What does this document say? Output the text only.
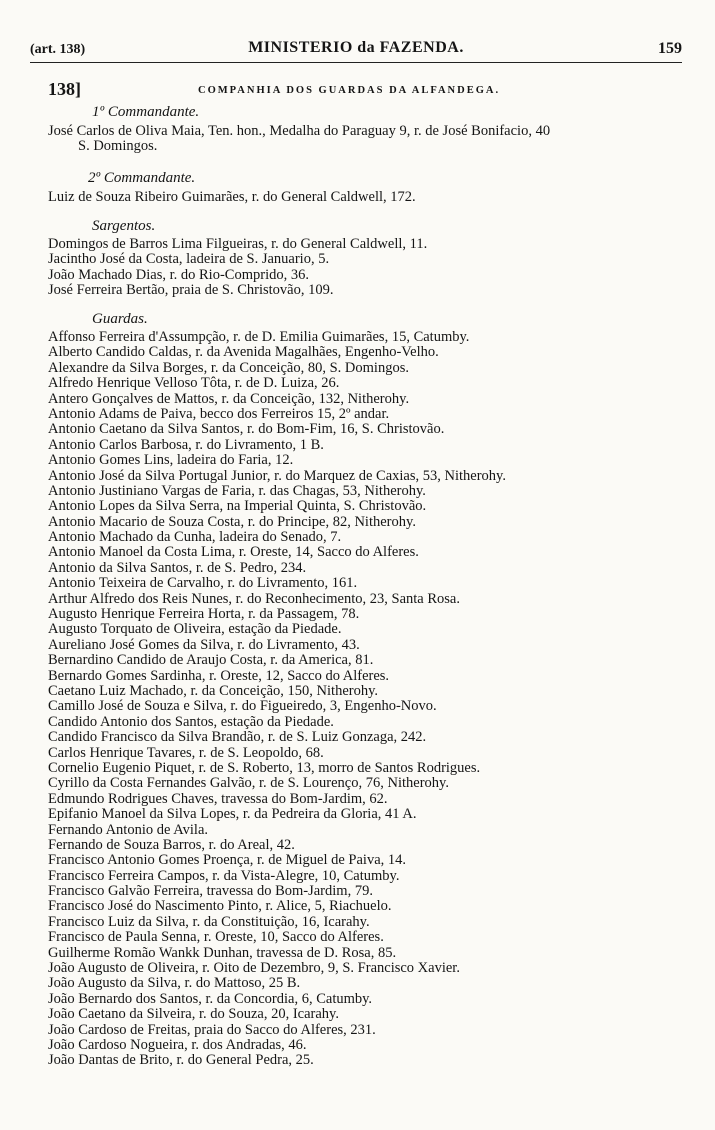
(art. 138)	MINISTERIO da FAZENDA.	159
138]	COMPANHIA DOS GUARDAS DA ALFANDEGA.
1º Commandante.
José Carlos de Oliva Maia, Ten. hon., Medalha do Paraguay 9, r. de José Bonifacio, 40
S. Domingos.
2º Commandante.
Luiz de Souza Ribeiro Guimarães, r. do General Caldwell, 172.
Sargentos.
Domingos de Barros Lima Filgueiras, r. do General Caldwell, 11.
Jacintho José da Costa, ladeira de S. Januario, 5.
João Machado Dias, r. do Rio-Comprido, 36.
José Ferreira Bertão, praia de S. Christovão, 109.
Guardas.
Affonso Ferreira d'Assumpção, r. de D. Emilia Guimarães, 15, Catumby.
Alberto Candido Caldas, r. da Avenida Magalhães, Engenho-Velho.
Alexandre da Silva Borges, r. da Conceição, 80, S. Domingos.
Alfredo Henrique Velloso Tôta, r. de D. Luiza, 26.
Antero Gonçalves de Mattos, r. da Conceição, 132, Nitherohy.
Antonio Adams de Paiva, becco dos Ferreiros 15, 2º andar.
Antonio Caetano da Silva Santos, r. do Bom-Fim, 16, S. Christovão.
Antonio Carlos Barbosa, r. do Livramento, 1 B.
Antonio Gomes Lins, ladeira do Faria, 12.
Antonio José da Silva Portugal Junior, r. do Marquez de Caxias, 53, Nitherohy.
Antonio Justiniano Vargas de Faria, r. das Chagas, 53, Nitherohy.
Antonio Lopes da Silva Serra, na Imperial Quinta, S. Christovão.
Antonio Macario de Souza Costa, r. do Principe, 82, Nitherohy.
Antonio Machado da Cunha, ladeira do Senado, 7.
Antonio Manoel da Costa Lima, r. Oreste, 14, Sacco do Alferes.
Antonio da Silva Santos, r. de S. Pedro, 234.
Antonio Teixeira de Carvalho, r. do Livramento, 161.
Arthur Alfredo dos Reis Nunes, r. do Reconhecimento, 23, Santa Rosa.
Augusto Henrique Ferreira Horta, r. da Passagem, 78.
Augusto Torquato de Oliveira, estação da Piedade.
Aureliano José Gomes da Silva, r. do Livramento, 43.
Bernardino Candido de Araujo Costa, r. da America, 81.
Bernardo Gomes Sardinha, r. Oreste, 12, Sacco do Alferes.
Caetano Luiz Machado, r. da Conceição, 150, Nitherohy.
Camillo José de Souza e Silva, r. do Figueiredo, 3, Engenho-Novo.
Candido Antonio dos Santos, estação da Piedade.
Candido Francisco da Silva Brandão, r. de S. Luiz Gonzaga, 242.
Carlos Henrique Tavares, r. de S. Leopoldo, 68.
Cornelio Eugenio Piquet, r. de S. Roberto, 13, morro de Santos Rodrigues.
Cyrillo da Costa Fernandes Galvão, r. de S. Lourenço, 76, Nitherohy.
Edmundo Rodrigues Chaves, travessa do Bom-Jardim, 62.
Epifanio Manoel da Silva Lopes, r. da Pedreira da Gloria, 41 A.
Fernando Antonio de Avila.
Fernando de Souza Barros, r. do Areal, 42.
Francisco Antonio Gomes Proença, r. de Miguel de Paiva, 14.
Francisco Ferreira Campos, r. da Vista-Alegre, 10, Catumby.
Francisco Galvão Ferreira, travessa do Bom-Jardim, 79.
Francisco José do Nascimento Pinto, r. Alice, 5, Riachuelo.
Francisco Luiz da Silva, r. da Constituição, 16, Icarahy.
Francisco de Paula Senna, r. Oreste, 10, Sacco do Alferes.
Guilherme Romão Wankk Dunhan, travessa de D. Rosa, 85.
João Augusto de Oliveira, r. Oito de Dezembro, 9, S. Francisco Xavier.
João Augusto da Silva, r. do Mattoso, 25 B.
João Bernardo dos Santos, r. da Concordia, 6, Catumby.
João Caetano da Silveira, r. do Souza, 20, Icarahy.
João Cardoso de Freitas, praia do Sacco do Alferes, 231.
João Cardoso Nogueira, r. dos Andradas, 46.
João Dantas de Brito, r. do General Pedra, 25.
